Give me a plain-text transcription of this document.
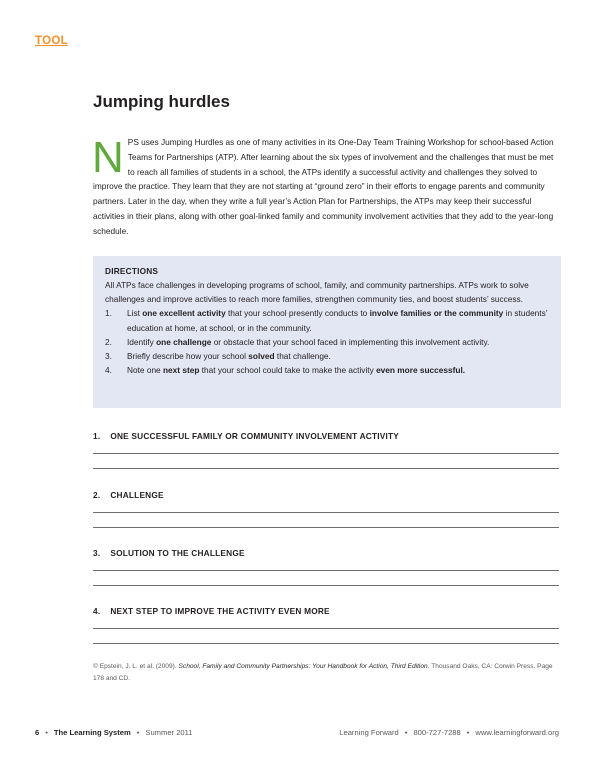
TOOL
Jumping hurdles

NPS uses Jumping Hurdles as one of many activities in its One-Day Team Training Workshop for school-based Action Teams for Partnerships (ATP). After learning about the six types of involvement and the challenges that must be met to reach all families of students in a school, the ATPs identify a successful activity and challenges they solved to improve the practice. They learn that they are not starting at “ground zero” in their efforts to engage parents and community partners. Later in the day, when they write a full year’s Action Plan for Partnerships, the ATPs may keep their successful activities in their plans, along with other goal-linked family and community involvement activities that they add to the year-long schedule.

DIRECTIONS

All ATPs face challenges in developing programs of school, family, and community partnerships. ATPs work to solve challenges and improve activities to reach more families, strengthen community ties, and boost students’ success.

1. List one excellent activity that your school presently conducts to involve families or the community in students’ education at home, at school, or in the community.
2. Identify one challenge or obstacle that your school faced in implementing this involvement activity.
3. Briefly describe how your school solved that challenge.
4. Note one next step that your school could take to make the activity even more successful.

1.    ONE SUCCESSFUL FAMILY OR COMMUNITY INVOLVEMENT ACTIVITY

2.    CHALLENGE

3.    SOLUTION TO THE CHALLENGE

4.    NEXT STEP TO IMPROVE THE ACTIVITY EVEN MORE

© Epstein, J. L. et al. (2009). School, Family and Community Partnerships: Your Handbook for Action, Third Edition. Thousand Oaks, CA: Corwin Press. Page 178 and CD.

6 • The Learning System • Summer 2011	Learning Forward • 800-727-7288 • www.learningforward.org
